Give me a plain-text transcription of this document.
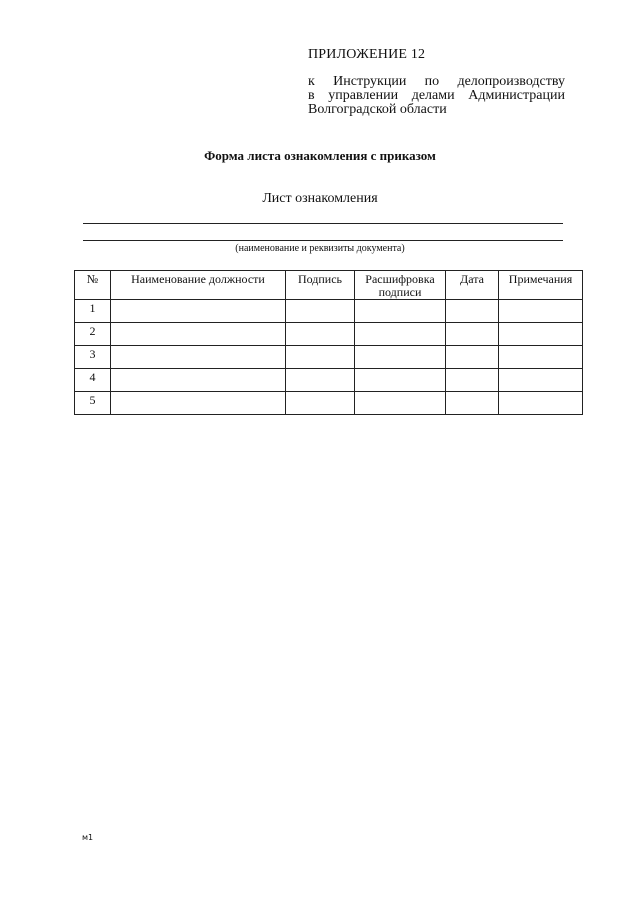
ПРИЛОЖЕНИЕ 12
к Инструкции по делопроизводству
в управлении делами Администрации
Волгоградской области
Форма листа ознакомления с приказом
Лист ознакомления
(наименование и реквизиты документа)
№	Наименование должности	Подпись	Расшифровка подписи	Дата	Примечания
1					
2					
3					
4					
5					
м1
